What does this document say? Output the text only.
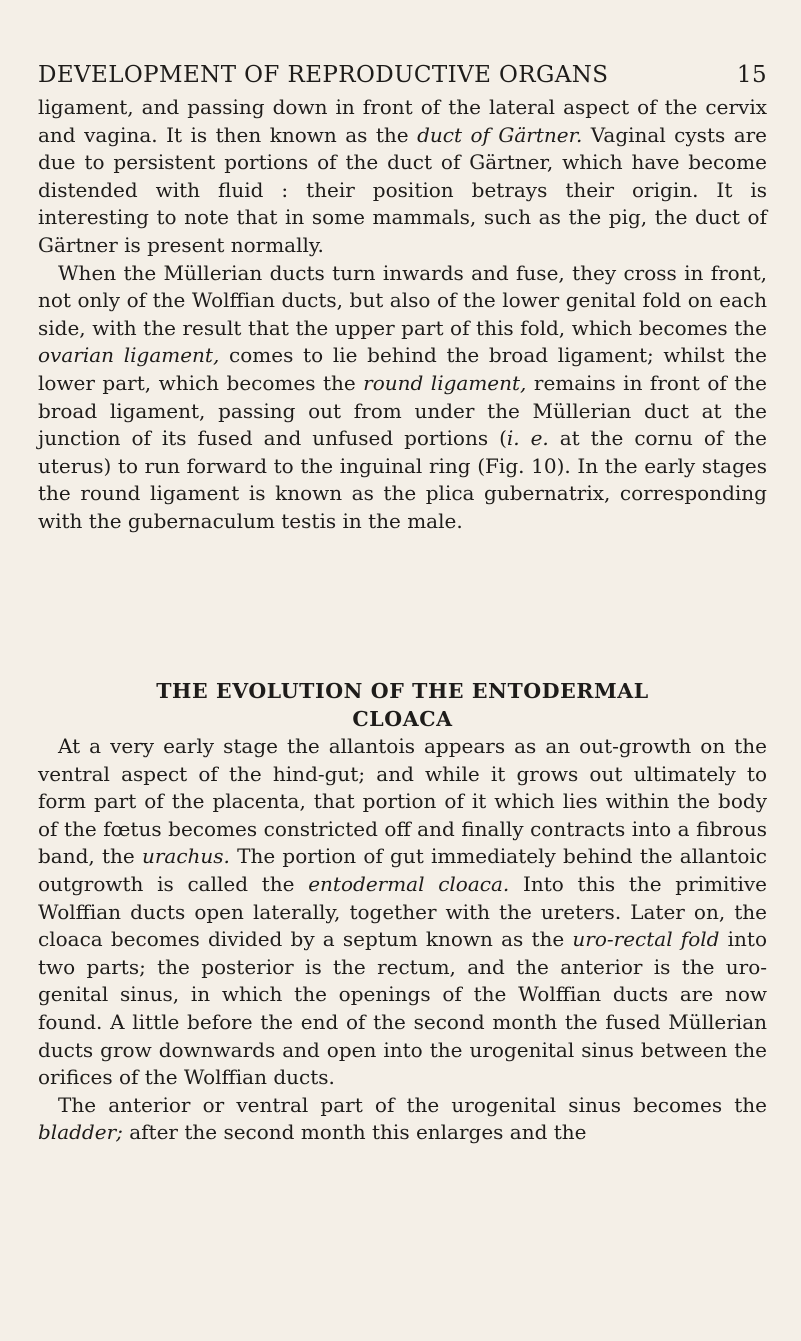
DEVELOPMENT OF REPRODUCTIVE ORGANS	15

ligament, and passing down in front of the lateral aspect of the cervix and vagina. It is then known as the duct of Gärtner. Vaginal cysts are due to persistent portions of the duct of Gärtner, which have become distended with fluid : their position betrays their origin. It is interesting to note that in some mammals, such as the pig, the duct of Gärtner is present normally.

When the Müllerian ducts turn inwards and fuse, they cross in front, not only of the Wolffian ducts, but also of the lower genital fold on each side, with the result that the upper part of this fold, which becomes the ovarian ligament, comes to lie behind the broad ligament; whilst the lower part, which becomes the round ligament, remains in front of the broad ligament, passing out from under the Müllerian duct at the junction of its fused and unfused portions (i. e. at the cornu of the uterus) to run forward to the inguinal ring (Fig. 10). In the early stages the round ligament is known as the plica gubernatrix, corresponding with the gubernaculum testis in the male.

THE EVOLUTION OF THE ENTODERMAL
CLOACA

At a very early stage the allantois appears as an out-growth on the ventral aspect of the hind-gut; and while it grows out ultimately to form part of the placenta, that portion of it which lies within the body of the fœtus becomes constricted off and finally contracts into a fibrous band, the urachus. The portion of gut immediately behind the allantoic outgrowth is called the entodermal cloaca. Into this the primitive Wolffian ducts open laterally, together with the ureters. Later on, the cloaca becomes divided by a septum known as the uro-rectal fold into two parts; the posterior is the rectum, and the anterior is the uro-genital sinus, in which the openings of the Wolffian ducts are now found. A little before the end of the second month the fused Müllerian ducts grow downwards and open into the urogenital sinus between the orifices of the Wolffian ducts.

The anterior or ventral part of the urogenital sinus becomes the bladder; after the second month this enlarges and the
